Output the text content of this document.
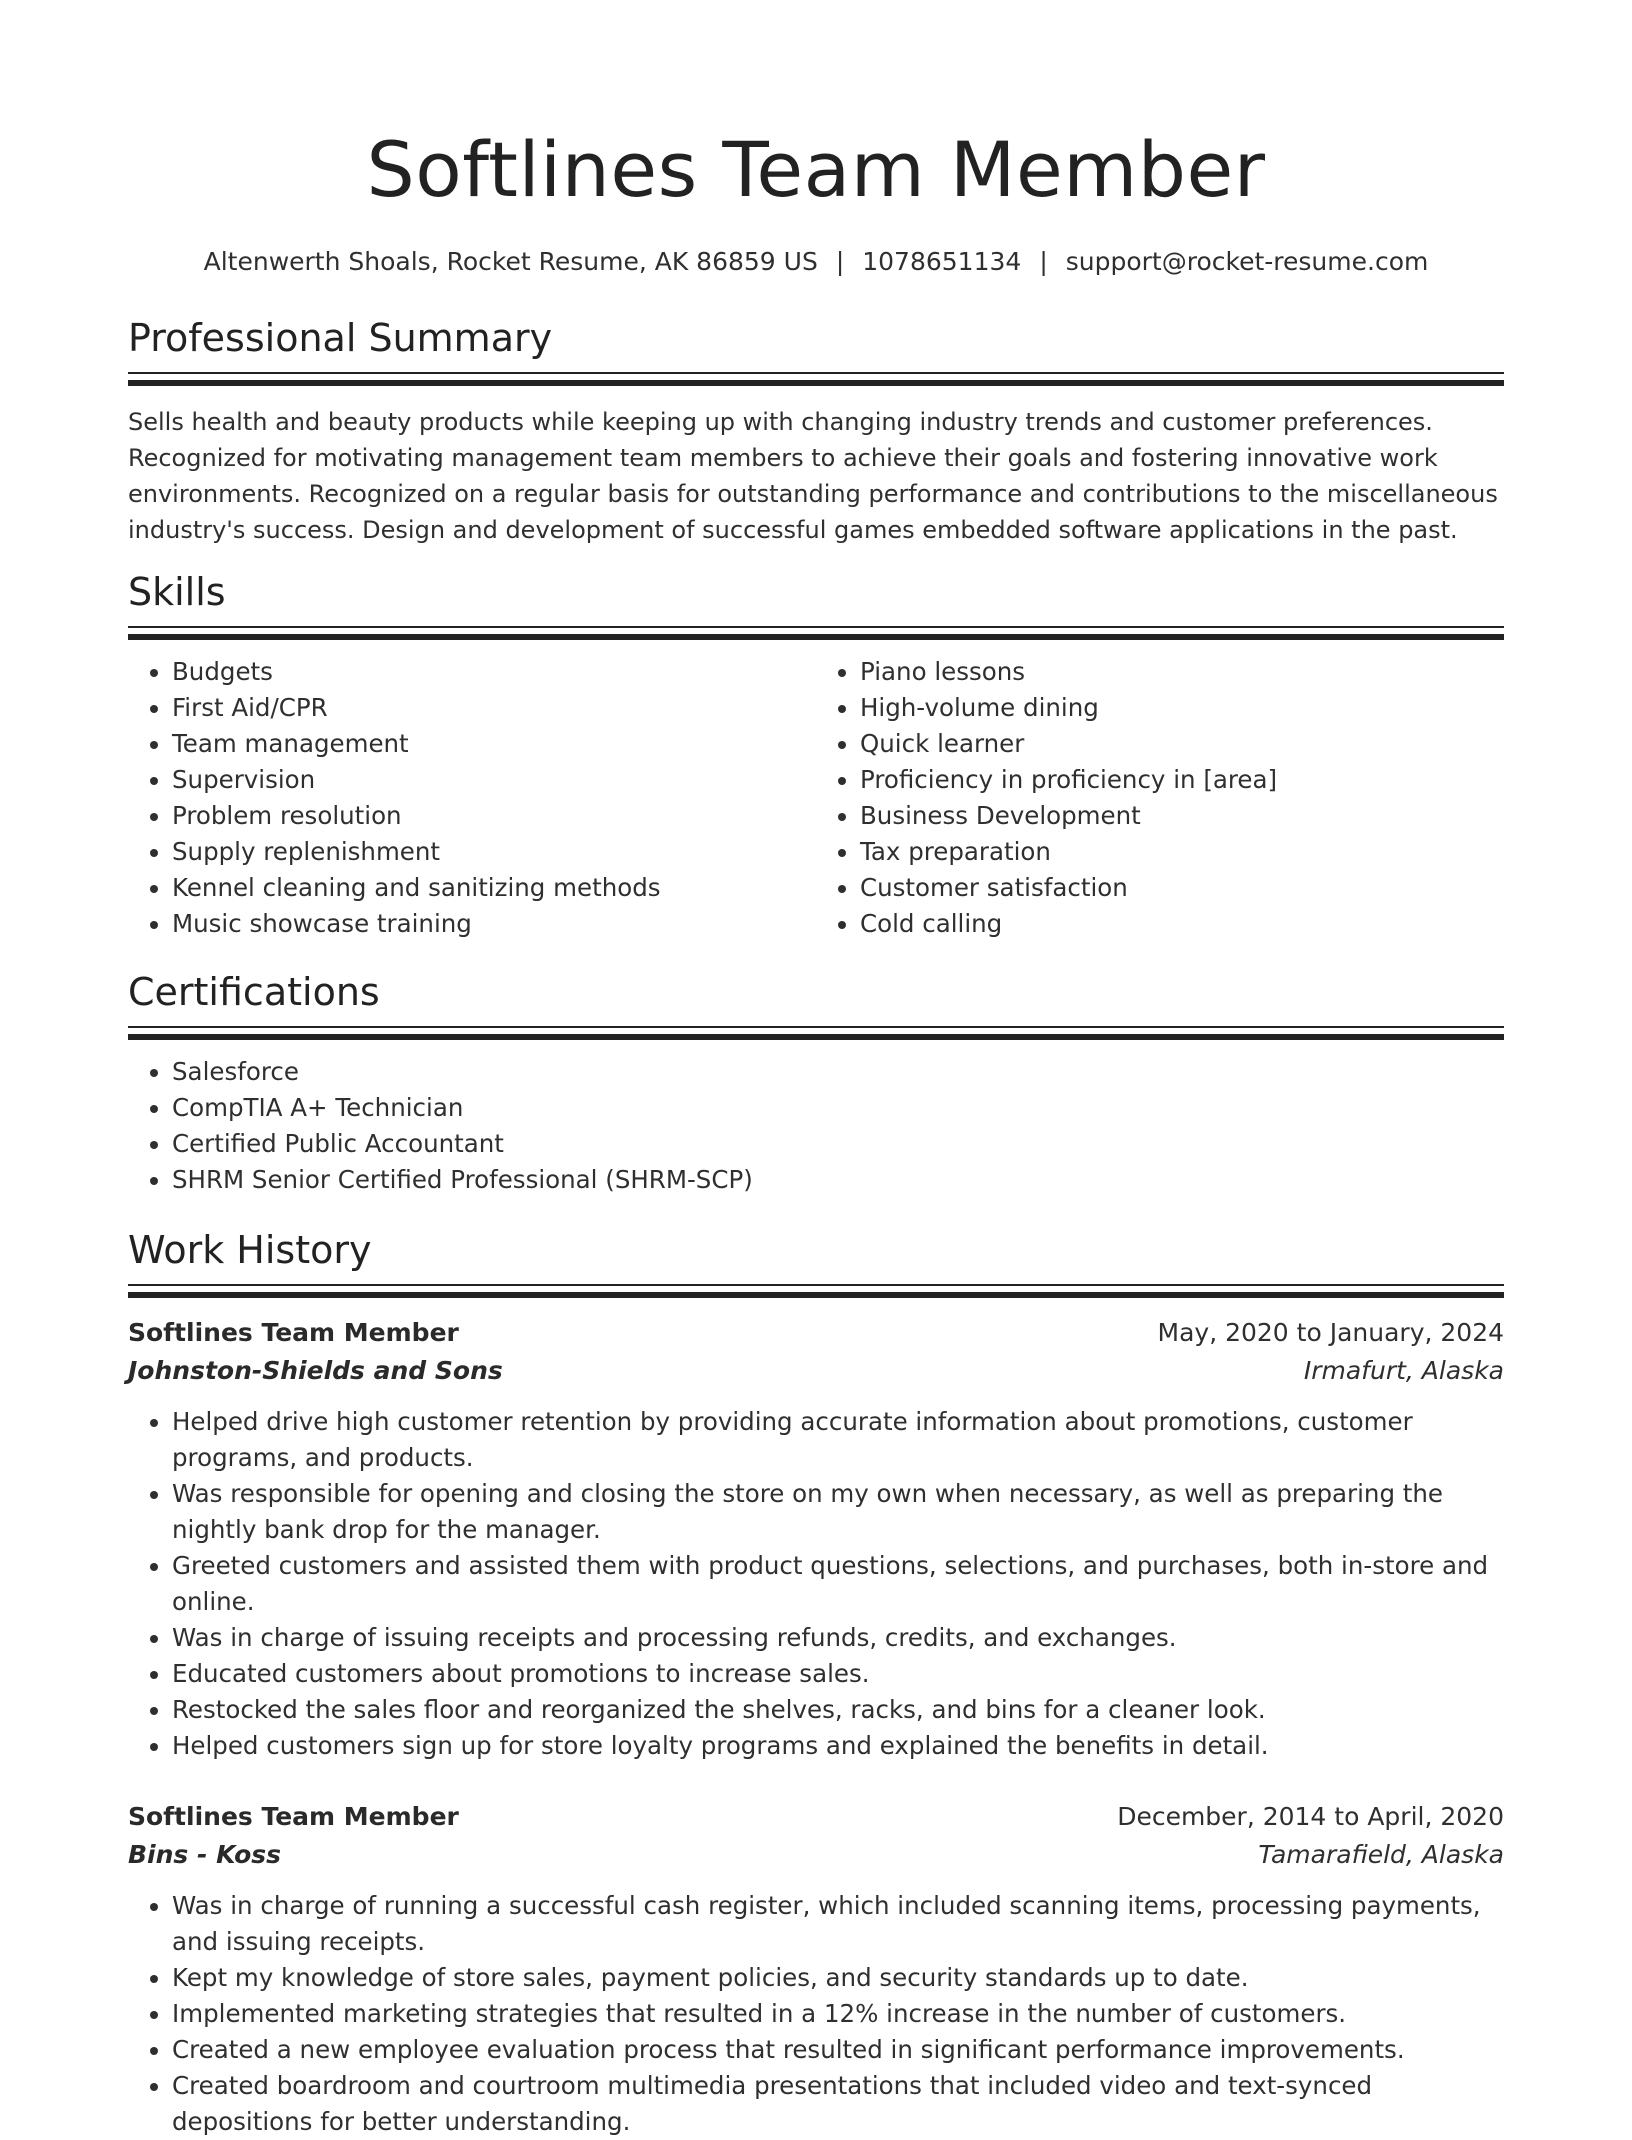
Softlines Team Member
Altenwerth Shoals, Rocket Resume, AK 86859 US | 1078651134 | support@rocket-resume.com
Professional Summary

Sells health and beauty products while keeping up with changing industry trends and customer preferences. Recognized for motivating management team members to achieve their goals and fostering innovative work environments. Recognized on a regular basis for outstanding performance and contributions to the miscellaneous industry's success. Design and development of successful games embedded software applications in the past.

Skills
• Budgets
• First Aid/CPR
• Team management
• Supervision
• Problem resolution
• Supply replenishment
• Kennel cleaning and sanitizing methods
• Music showcase training
• Piano lessons
• High-volume dining
• Quick learner
• Proficiency in proficiency in [area]
• Business Development
• Tax preparation
• Customer satisfaction
• Cold calling
Certifications
• Salesforce
• CompTIA A+ Technician
• Certified Public Accountant
• SHRM Senior Certified Professional (SHRM-SCP)
Work History
Softlines Team Member	May, 2020 to January, 2024
Johnston-Shields and Sons	Irmafurt, Alaska
• Helped drive high customer retention by providing accurate information about promotions, customer programs, and products.
• Was responsible for opening and closing the store on my own when necessary, as well as preparing the nightly bank drop for the manager.
• Greeted customers and assisted them with product questions, selections, and purchases, both in-store and online.
• Was in charge of issuing receipts and processing refunds, credits, and exchanges.
• Educated customers about promotions to increase sales.
• Restocked the sales floor and reorganized the shelves, racks, and bins for a cleaner look.
• Helped customers sign up for store loyalty programs and explained the benefits in detail.
Softlines Team Member	December, 2014 to April, 2020
Bins - Koss	Tamarafield, Alaska
• Was in charge of running a successful cash register, which included scanning items, processing payments, and issuing receipts.
• Kept my knowledge of store sales, payment policies, and security standards up to date.
• Implemented marketing strategies that resulted in a 12% increase in the number of customers.
• Created a new employee evaluation process that resulted in significant performance improvements.
• Created boardroom and courtroom multimedia presentations that included video and text-synced depositions for better understanding.
